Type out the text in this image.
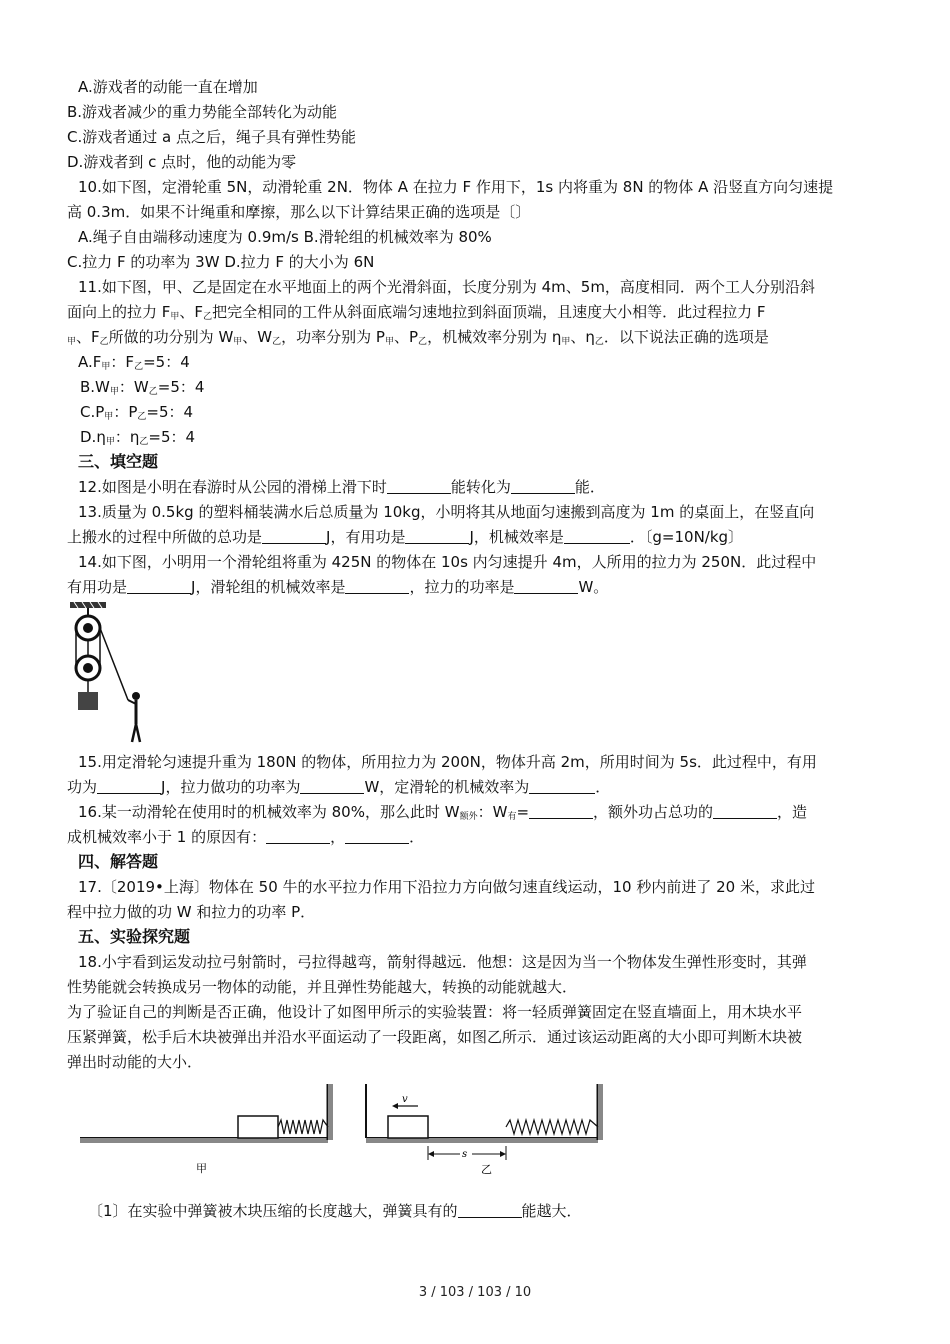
A.游戏者的动能一直在增加
B.游戏者减少的重力势能全部转化为动能
C.游戏者通过 a 点之后，绳子具有弹性势能
D.游戏者到 c 点时，他的动能为零
10.如下图，定滑轮重 5N，动滑轮重 2N．物体 A 在拉力 F 作用下，1s 内将重为 8N 的物体 A 沿竖直方向匀速提
高 0.3m．如果不计绳重和摩擦，那么以下计算结果正确的选项是〔〕
A.绳子自由端移动速度为 0.9m/s B.滑轮组的机械效率为 80%
C.拉力 F 的功率为 3W D.拉力 F 的大小为 6N
11.如下图，甲、乙是固定在水平地面上的两个光滑斜面，长度分别为 4m、5m，高度相同．两个工人分别沿斜
面向上的拉力 $F_甲$、$F_乙$把完全相同的工件从斜面底端匀速地拉到斜面顶端，且速度大小相等．此过程拉力 F
$_甲$、$F_乙$所做的功分别为 $W_甲$、$W_乙$，功率分别为 $P_甲$、$P_乙$，机械效率分别为 $\eta_甲$、$\eta_乙$．以下说法正确的选项是
$A.F_甲$：$F_乙=5$：4
$B.W_甲$：$W_乙=5$：4
$C.P_甲$：$P_乙=5$：4
$D.\eta_甲$：$\eta_乙=5$：4
三、填空题
12.如图是小明在春游时从公园的滑梯上滑下时	能转化为	能．
13.质量为 0.5kg 的塑料桶装满水后总质量为 10kg，小明将其从地面匀速搬到高度为 1m 的桌面上，在竖直向
上搬水的过程中所做的总功是	J，有用功是	J，机械效率是	．〔g=10N/kg〕
14.如下图，小明用一个滑轮组将重为 425N 的物体在 10s 内匀速提升 4m，人所用的拉力为 250N．此过程中
有用功是	J，滑轮组的机械效率是	，拉力的功率是	W。
15.用定滑轮匀速提升重为 180N 的物体，所用拉力为 200N，物体升高 2m，所用时间为 5s．此过程中，有用
功为	J，拉力做功的功率为	W，定滑轮的机械效率为	．
16.某一动滑轮在使用时的机械效率为 80%，那么此时 $W_{额外}$：$W_有=$	，额外功占总功的	，造
成机械效率小于 1 的原因有：	，	．
四、解答题
17.〔2019•上海〕物体在 50 牛的水平拉力作用下沿拉力方向做匀速直线运动，10 秒内前进了 20 米，求此过
程中拉力做的功 W 和拉力的功率 P．
五、实验探究题
18.小宇看到运发动拉弓射箭时，弓拉得越弯，箭射得越远．他想：这是因为当一个物体发生弹性形变时，其弹
性势能就会转换成另一物体的动能，并且弹性势能越大，转换的动能就越大．
为了验证自己的判断是否正确，他设计了如图甲所示的实验装置：将一轻质弹簧固定在竖直墙面上，用木块水平
压紧弹簧，松手后木块被弹出并沿水平面运动了一段距离，如图乙所示．通过该运动距离的大小即可判断木块被
弹出时动能的大小．
甲
v
s
乙
〔1〕在实验中弹簧被木块压缩的长度越大，弹簧具有的	能越大．
3 / 103 / 103 / 10
